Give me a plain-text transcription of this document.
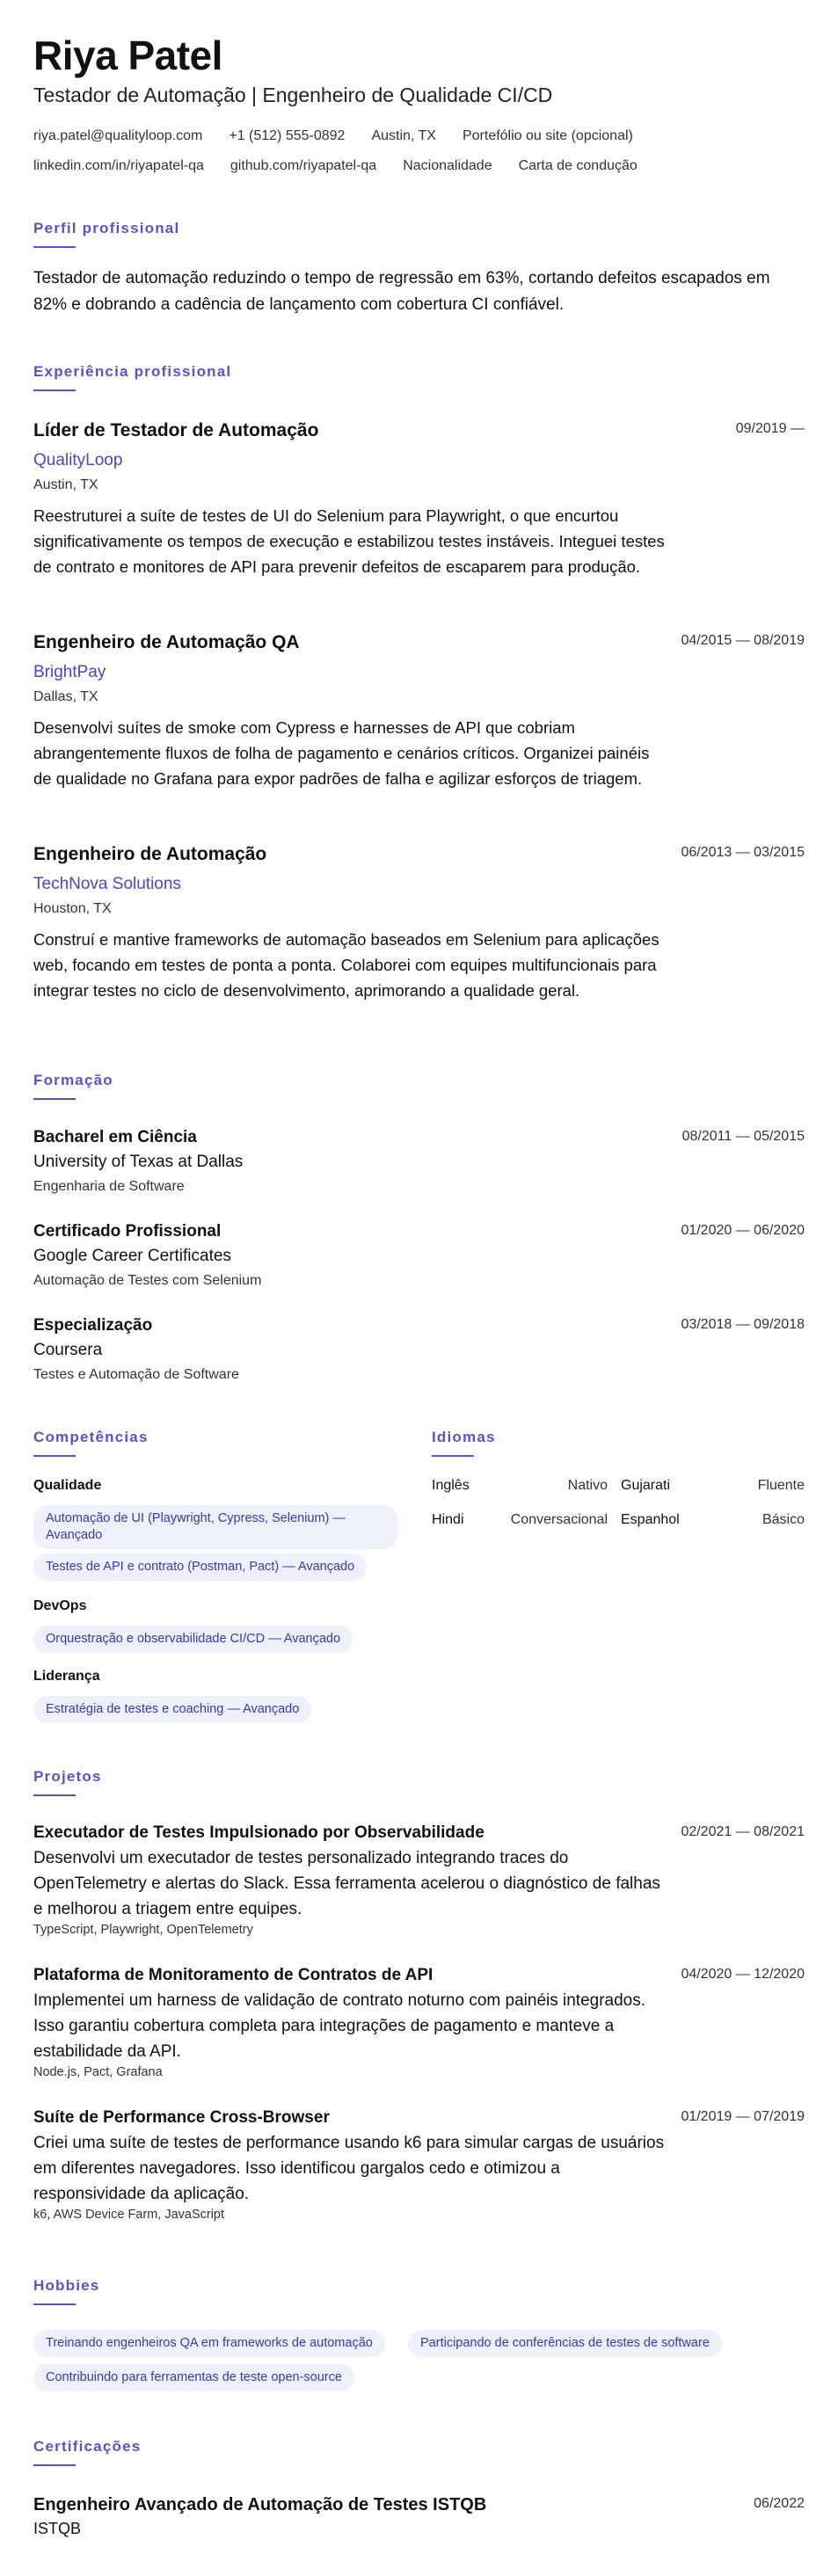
Riya Patel
Testador de Automação | Engenheiro de Qualidade CI/CD
riya.patel@qualityloop.com +1 (512) 555-0892 Austin, TX Portefólio ou site (opcional)
linkedin.com/in/riyapatel-qa github.com/riyapatel-qa Nacionalidade Carta de condução
Perfil profissional
Testador de automação reduzindo o tempo de regressão em 63%, cortando defeitos escapados em 82% e dobrando a cadência de lançamento com cobertura CI confiável.
Experiência profissional
Líder de Testador de Automação	09/2019 —
QualityLoop
Austin, TX
Reestruturei a suíte de testes de UI do Selenium para Playwright, o que encurtou significativamente os tempos de execução e estabilizou testes instáveis. Integuei testes de contrato e monitores de API para prevenir defeitos de escaparem para produção.
Engenheiro de Automação QA	04/2015 — 08/2019
BrightPay
Dallas, TX
Desenvolvi suítes de smoke com Cypress e harnesses de API que cobriam abrangentemente fluxos de folha de pagamento e cenários críticos. Organizei painéis de qualidade no Grafana para expor padrões de falha e agilizar esforços de triagem.
Engenheiro de Automação	06/2013 — 03/2015
TechNova Solutions
Houston, TX
Construí e mantive frameworks de automação baseados em Selenium para aplicações web, focando em testes de ponta a ponta. Colaborei com equipes multifuncionais para integrar testes no ciclo de desenvolvimento, aprimorando a qualidade geral.
Formação
Bacharel em Ciência	08/2011 — 05/2015
University of Texas at Dallas
Engenharia de Software
Certificado Profissional	01/2020 — 06/2020
Google Career Certificates
Automação de Testes com Selenium
Especialização	03/2018 — 09/2018
Coursera
Testes e Automação de Software
Competências
Qualidade
Automação de UI (Playwright, Cypress, Selenium) — Avançado
Testes de API e contrato (Postman, Pact) — Avançado
DevOps
Orquestração e observabilidade CI/CD — Avançado
Liderança
Estratégia de testes e coaching — Avançado
Idiomas
Inglês	Nativo Gujarati	Fluente
Hindi	Conversacional Espanhol	Básico
Projetos
Executador de Testes Impulsionado por Observabilidade	02/2021 — 08/2021
Desenvolvi um executador de testes personalizado integrando traces do OpenTelemetry e alertas do Slack. Essa ferramenta acelerou o diagnóstico de falhas e melhorou a triagem entre equipes.
TypeScript, Playwright, OpenTelemetry
Plataforma de Monitoramento de Contratos de API	04/2020 — 12/2020
Implementei um harness de validação de contrato noturno com painéis integrados. Isso garantiu cobertura completa para integrações de pagamento e manteve a estabilidade da API.
Node.js, Pact, Grafana
Suíte de Performance Cross-Browser	01/2019 — 07/2019
Criei uma suíte de testes de performance usando k6 para simular cargas de usuários em diferentes navegadores. Isso identificou gargalos cedo e otimizou a responsividade da aplicação.
k6, AWS Device Farm, JavaScript
Hobbies
Treinando engenheiros QA em frameworks de automação	Participando de conferências de testes de software
Contribuindo para ferramentas de teste open-source
Certificações
Engenheiro Avançado de Automação de Testes ISTQB	06/2022
ISTQB
